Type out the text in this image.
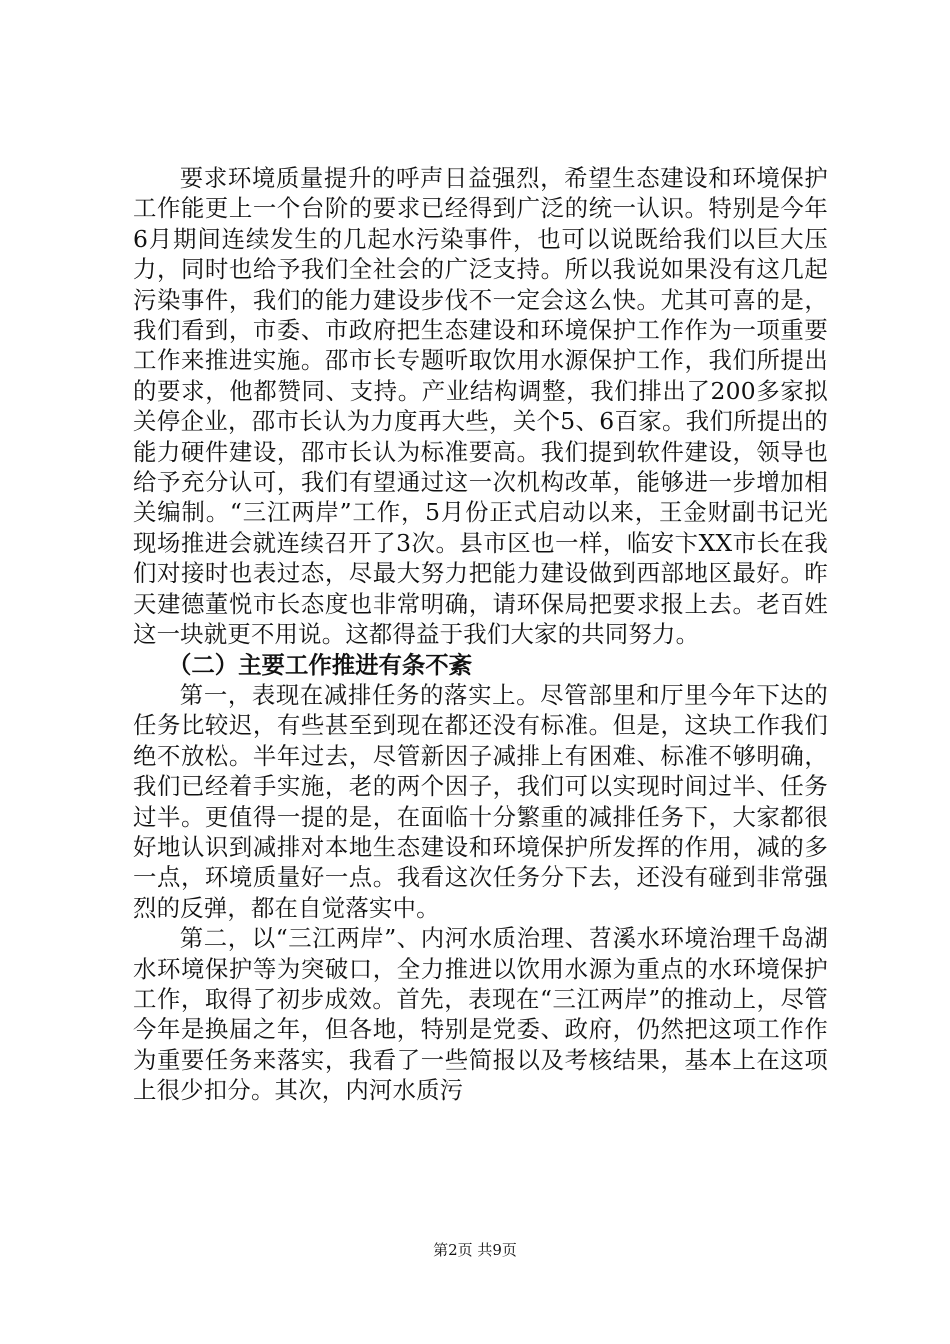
要求环境质量提升的呼声日益强烈，希望生态建设和环境保护工作能更上一个台阶的要求已经得到广泛的统一认识。特别是今年6月期间连续发生的几起水污染事件，也可以说既给我们以巨大压力，同时也给予我们全社会的广泛支持。所以我说如果没有这几起污染事件，我们的能力建设步伐不一定会这么快。尤其可喜的是，我们看到，市委、市政府把生态建设和环境保护工作作为一项重要工作来推进实施。邵市长专题听取饮用水源保护工作，我们所提出的要求，他都赞同、支持。产业结构调整，我们排出了200多家拟关停企业，邵市长认为力度再大些，关个5、6百家。我们所提出的能力硬件建设，邵市长认为标准要高。我们提到软件建设，领导也给予充分认可，我们有望通过这一次机构改革，能够进一步增加相关编制。“三江两岸”工作，5月份正式启动以来，王金财副书记光现场推进会就连续召开了3次。县市区也一样，临安卞XX市长在我们对接时也表过态，尽最大努力把能力建设做到西部地区最好。昨天建德董悦市长态度也非常明确，请环保局把要求报上去。老百姓这一块就更不用说。这都得益于我们大家的共同努力。

（二）主要工作推进有条不紊

第一，表现在减排任务的落实上。尽管部里和厅里今年下达的任务比较迟，有些甚至到现在都还没有标准。但是，这块工作我们绝不放松。半年过去，尽管新因子减排上有困难、标准不够明确，我们已经着手实施，老的两个因子，我们可以实现时间过半、任务过半。更值得一提的是，在面临十分繁重的减排任务下，大家都很好地认识到减排对本地生态建设和环境保护所发挥的作用，减的多一点，环境质量好一点。我看这次任务分下去，还没有碰到非常强烈的反弹，都在自觉落实中。

第二，以“三江两岸”、内河水质治理、苕溪水环境治理千岛湖水环境保护等为突破口，全力推进以饮用水源为重点的水环境保护工作，取得了初步成效。首先，表现在“三江两岸”的推动上，尽管今年是换届之年，但各地，特别是党委、政府，仍然把这项工作作为重要任务来落实，我看了一些简报以及考核结果，基本上在这项上很少扣分。其次，内河水质污

第2页 共9页
